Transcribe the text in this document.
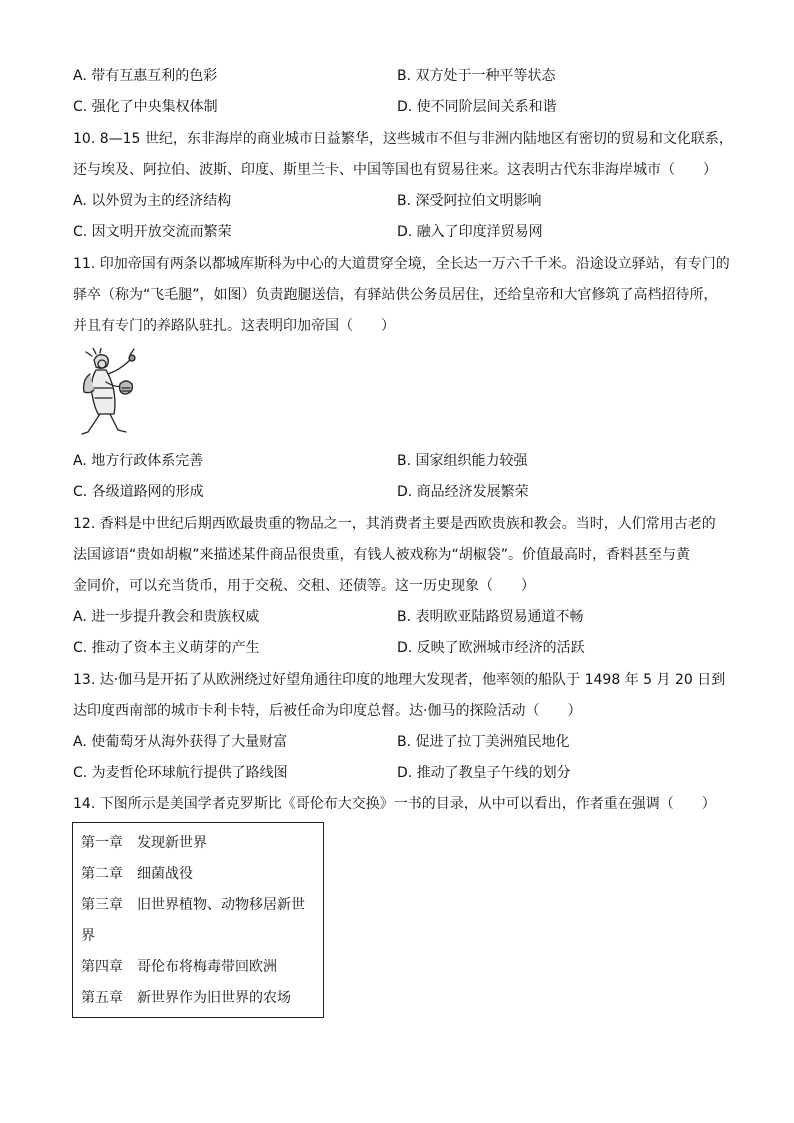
A. 带有互惠互利的色彩	B. 双方处于一种平等状态
C. 强化了中央集权体制	D. 使不同阶层间关系和谐
10. 8—15 世纪，东非海岸的商业城市日益繁华，这些城市不但与非洲内陆地区有密切的贸易和文化联系，
还与埃及、阿拉伯、波斯、印度、斯里兰卡、中国等国也有贸易往来。这表明古代东非海岸城市（　　）
A. 以外贸为主的经济结构	B. 深受阿拉伯文明影响
C. 因文明开放交流而繁荣	D. 融入了印度洋贸易网
11. 印加帝国有两条以都城库斯科为中心的大道贯穿全境，全长达一万六千千米。沿途设立驿站，有专门的
驿卒（称为“飞毛腿”，如图）负责跑腿送信，有驿站供公务员居住，还给皇帝和大官修筑了高档招待所，
并且有专门的养路队驻扎。这表明印加帝国（　　）
A. 地方行政体系完善	B. 国家组织能力较强
C. 各级道路网的形成	D. 商品经济发展繁荣
12. 香料是中世纪后期西欧最贵重的物品之一，其消费者主要是西欧贵族和教会。当时，人们常用古老的
法国谚语“贵如胡椒”来描述某件商品很贵重，有钱人被戏称为“胡椒袋”。价值最高时，香料甚至与黄
金同价，可以充当货币，用于交税、交租、还债等。这一历史现象（　　）
A. 进一步提升教会和贵族权威	B. 表明欧亚陆路贸易通道不畅
C. 推动了资本主义萌芽的产生	D. 反映了欧洲城市经济的活跃
13. 达·伽马是开拓了从欧洲绕过好望角通往印度的地理大发现者，他率领的船队于 1498 年 5 月 20 日到
达印度西南部的城市卡利卡特，后被任命为印度总督。达·伽马的探险活动（　　）
A. 使葡萄牙从海外获得了大量财富	B. 促进了拉丁美洲殖民地化
C. 为麦哲伦环球航行提供了路线图	D. 推动了教皇子午线的划分
14. 下图所示是美国学者克罗斯比《哥伦布大交换》一书的目录，从中可以看出，作者重在强调（　　）
第一章　发现新世界
第二章　细菌战役
第三章　旧世界植物、动物移居新世
界
第四章　哥伦布将梅毒带回欧洲
第五章　新世界作为旧世界的农场
